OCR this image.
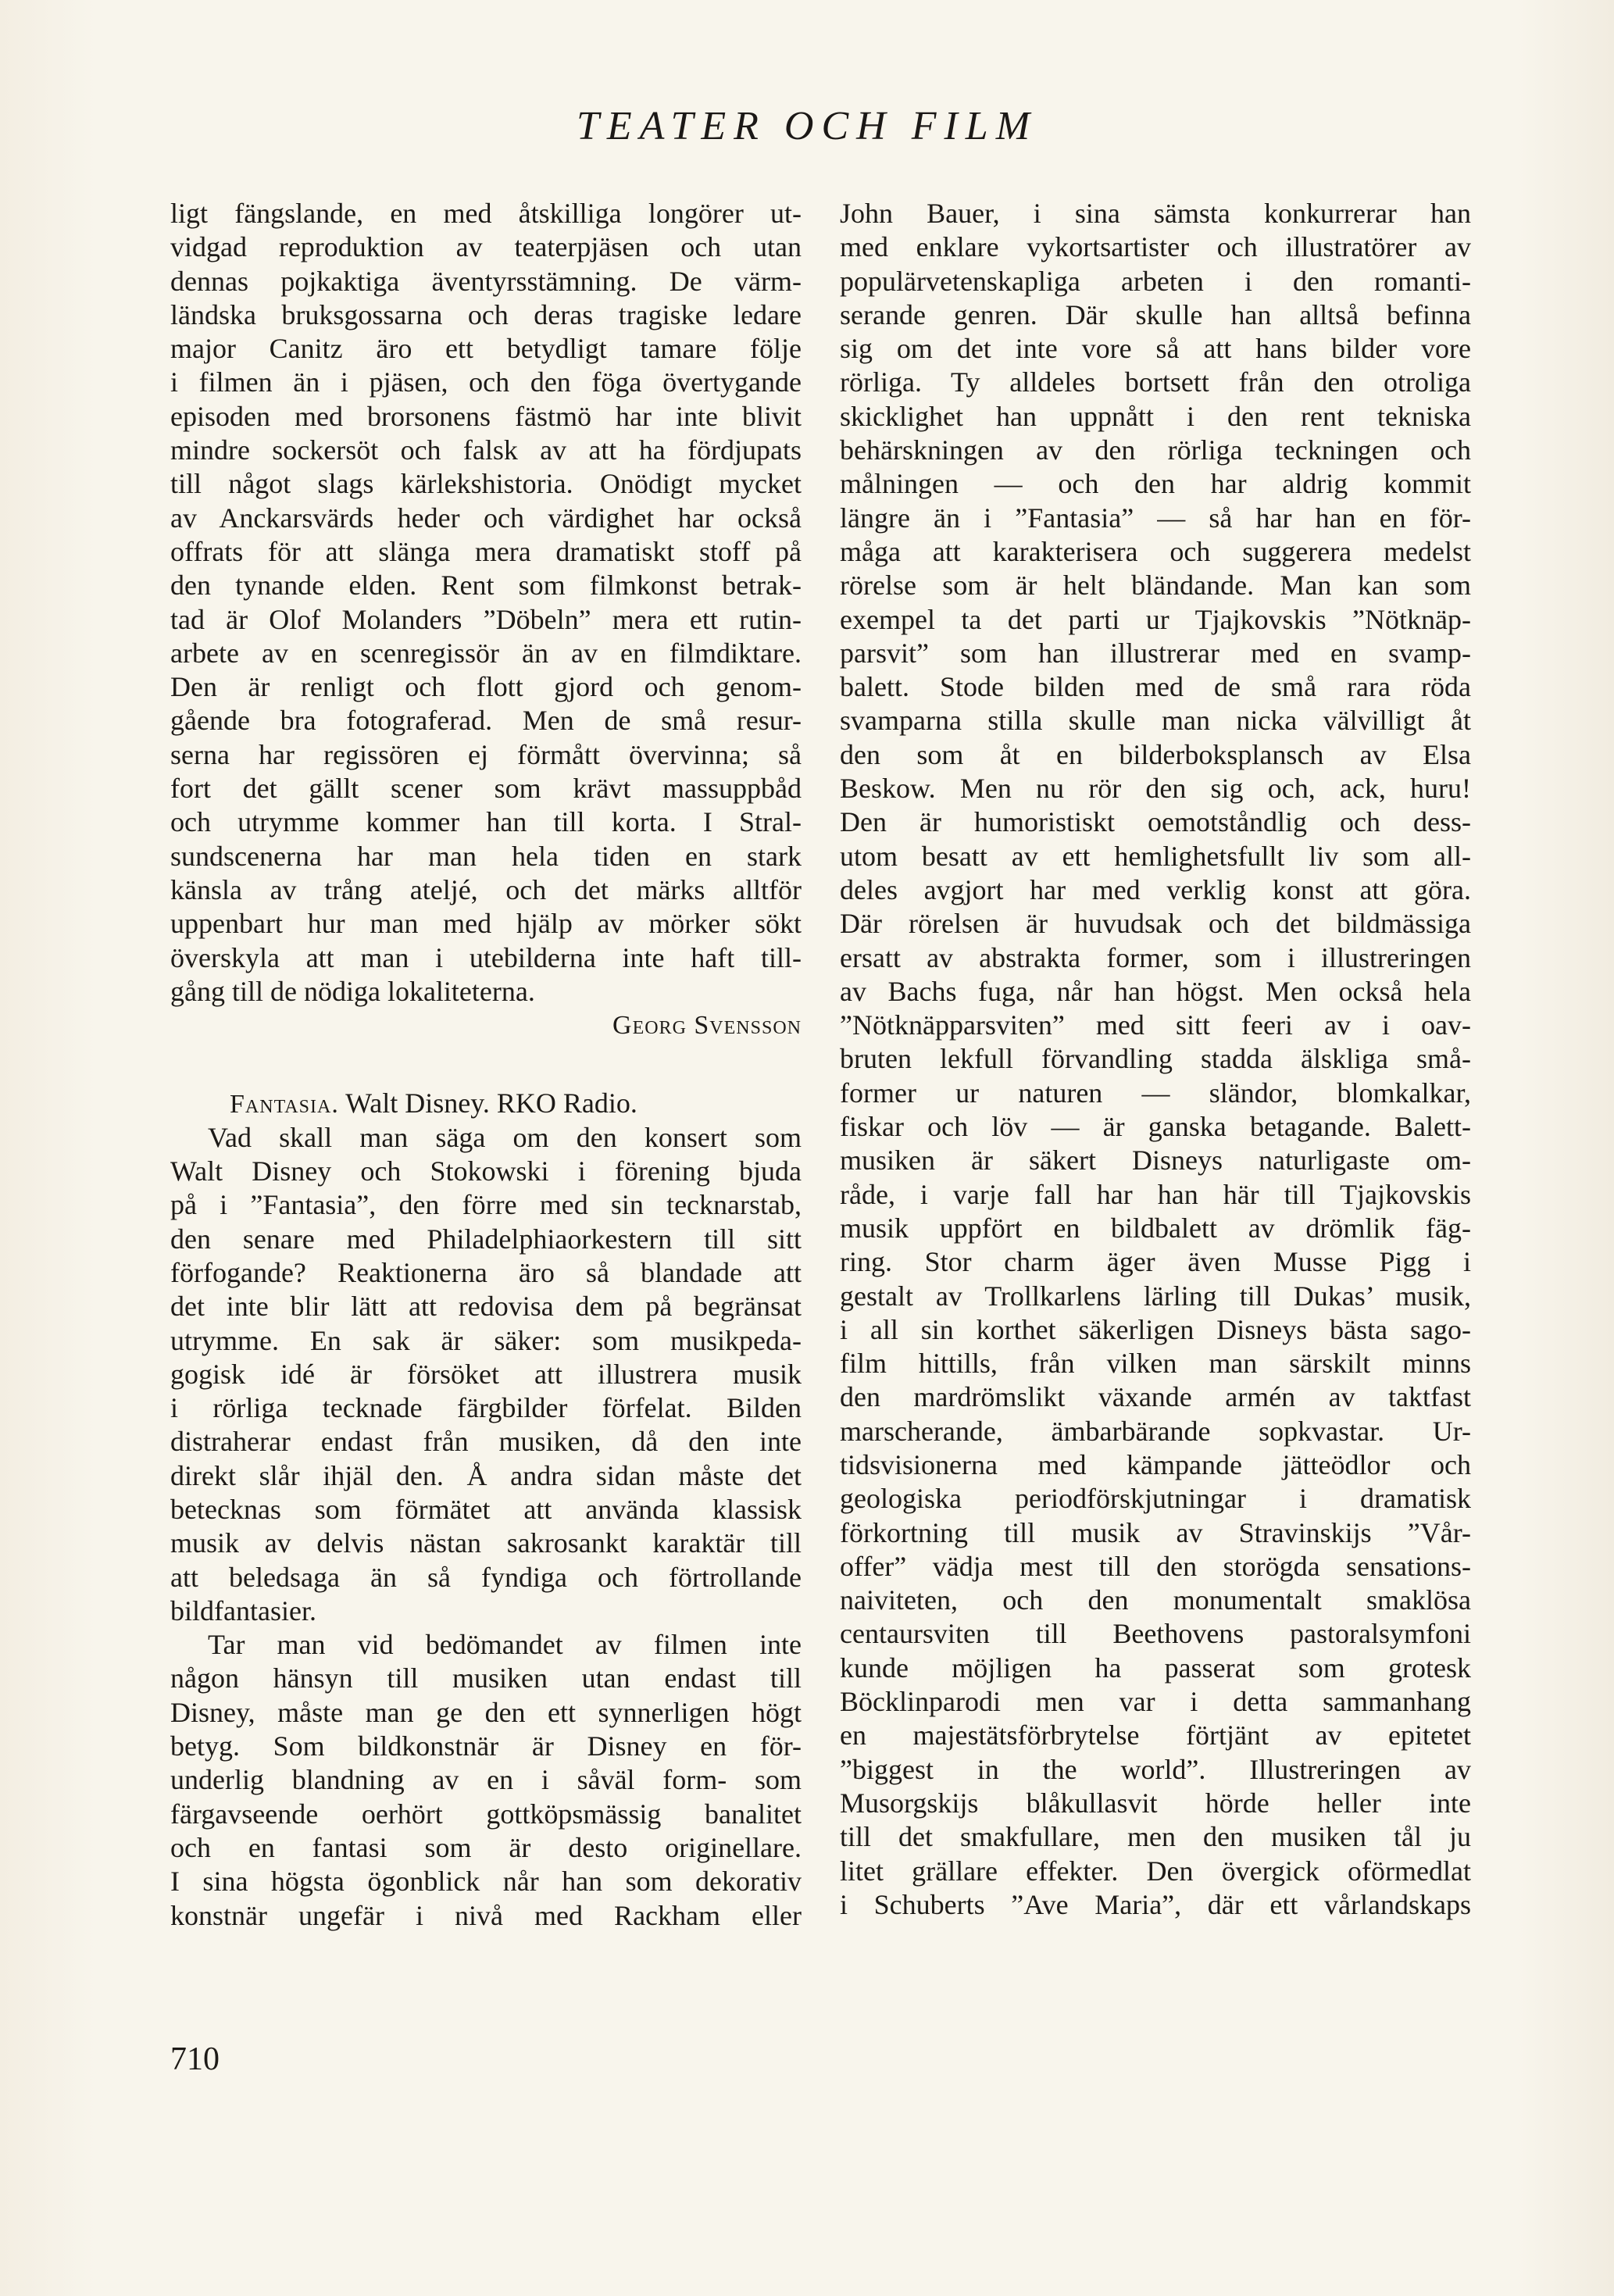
TEATER OCH FILM
ligt fängslande, en med åtskilliga longörer ut-
vidgad reproduktion av teaterpjäsen och utan
dennas pojkaktiga äventyrsstämning. De värm-
ländska bruksgossarna och deras tragiske ledare
major Canitz äro ett betydligt tamare följe
i filmen än i pjäsen, och den föga övertygande
episoden med brorsonens fästmö har inte blivit
mindre sockersöt och falsk av att ha fördjupats
till något slags kärlekshistoria. Onödigt mycket
av Anckarsvärds heder och värdighet har också
offrats för att slänga mera dramatiskt stoff på
den tynande elden. Rent som filmkonst betrak-
tad är Olof Molanders ”Döbeln” mera ett rutin-
arbete av en scenregissör än av en filmdiktare.
Den är renligt och flott gjord och genom-
gående bra fotograferad. Men de små resur-
serna har regissören ej förmått övervinna; så
fort det gällt scener som krävt massuppbåd
och utrymme kommer han till korta. I Stral-
sundscenerna har man hela tiden en stark
känsla av trång ateljé, och det märks alltför
uppenbart hur man med hjälp av mörker sökt
överskyla att man i utebilderna inte haft till-
gång till de nödiga lokaliteterna.
Georg Svensson
Fantasia. Walt Disney. RKO Radio.
Vad skall man säga om den konsert som
Walt Disney och Stokowski i förening bjuda
på i ”Fantasia”, den förre med sin tecknarstab,
den senare med Philadelphiaorkestern till sitt
förfogande? Reaktionerna äro så blandade att
det inte blir lätt att redovisa dem på begränsat
utrymme. En sak är säker: som musikpeda-
gogisk idé är försöket att illustrera musik
i rörliga tecknade färgbilder förfelat. Bilden
distraherar endast från musiken, då den inte
direkt slår ihjäl den. Å andra sidan måste det
betecknas som förmätet att använda klassisk
musik av delvis nästan sakrosankt karaktär till
att beledsaga än så fyndiga och förtrollande
bildfantasier.
Tar man vid bedömandet av filmen inte
någon hänsyn till musiken utan endast till
Disney, måste man ge den ett synnerligen högt
betyg. Som bildkonstnär är Disney en för-
underlig blandning av en i såväl form- som
färgavseende oerhört gottköpsmässig banalitet
och en fantasi som är desto originellare.
I sina högsta ögonblick når han som dekorativ
konstnär ungefär i nivå med Rackham eller
John Bauer, i sina sämsta konkurrerar han
med enklare vykortsartister och illustratörer av
populärvetenskapliga arbeten i den romanti-
serande genren. Där skulle han alltså befinna
sig om det inte vore så att hans bilder vore
rörliga. Ty alldeles bortsett från den otroliga
skicklighet han uppnått i den rent tekniska
behärskningen av den rörliga teckningen och
målningen — och den har aldrig kommit
längre än i ”Fantasia” — så har han en för-
måga att karakterisera och suggerera medelst
rörelse som är helt bländande. Man kan som
exempel ta det parti ur Tjajkovskis ”Nötknäp-
parsvit” som han illustrerar med en svamp-
balett. Stode bilden med de små rara röda
svamparna stilla skulle man nicka välvilligt åt
den som åt en bilderboksplansch av Elsa
Beskow. Men nu rör den sig och, ack, huru!
Den är humoristiskt oemotståndlig och dess-
utom besatt av ett hemlighetsfullt liv som all-
deles avgjort har med verklig konst att göra.
Där rörelsen är huvudsak och det bildmässiga
ersatt av abstrakta former, som i illustreringen
av Bachs fuga, når han högst. Men också hela
”Nötknäpparsviten” med sitt feeri av i oav-
bruten lekfull förvandling stadda älskliga små-
former ur naturen — sländor, blomkalkar,
fiskar och löv — är ganska betagande. Balett-
musiken är säkert Disneys naturligaste om-
råde, i varje fall har han här till Tjajkovskis
musik uppfört en bildbalett av drömlik fäg-
ring. Stor charm äger även Musse Pigg i
gestalt av Trollkarlens lärling till Dukas’ musik,
i all sin korthet säkerligen Disneys bästa sago-
film hittills, från vilken man särskilt minns
den mardrömslikt växande armén av taktfast
marscherande, ämbarbärande sopkvastar. Ur-
tidsvisionerna med kämpande jätteödlor och
geologiska periodförskjutningar i dramatisk
förkortning till musik av Stravinskijs ”Vår-
offer” vädja mest till den storögda sensations-
naiviteten, och den monumentalt smaklösa
centaursviten till Beethovens pastoralsymfoni
kunde möjligen ha passerat som grotesk
Böcklinparodi men var i detta sammanhang
en majestätsförbrytelse förtjänt av epitetet
”biggest in the world”. Illustreringen av
Musorgskijs blåkullasvit hörde heller inte
till det smakfullare, men den musiken tål ju
litet grällare effekter. Den övergick oförmedlat
i Schuberts ”Ave Maria”, där ett vårlandskaps
710
